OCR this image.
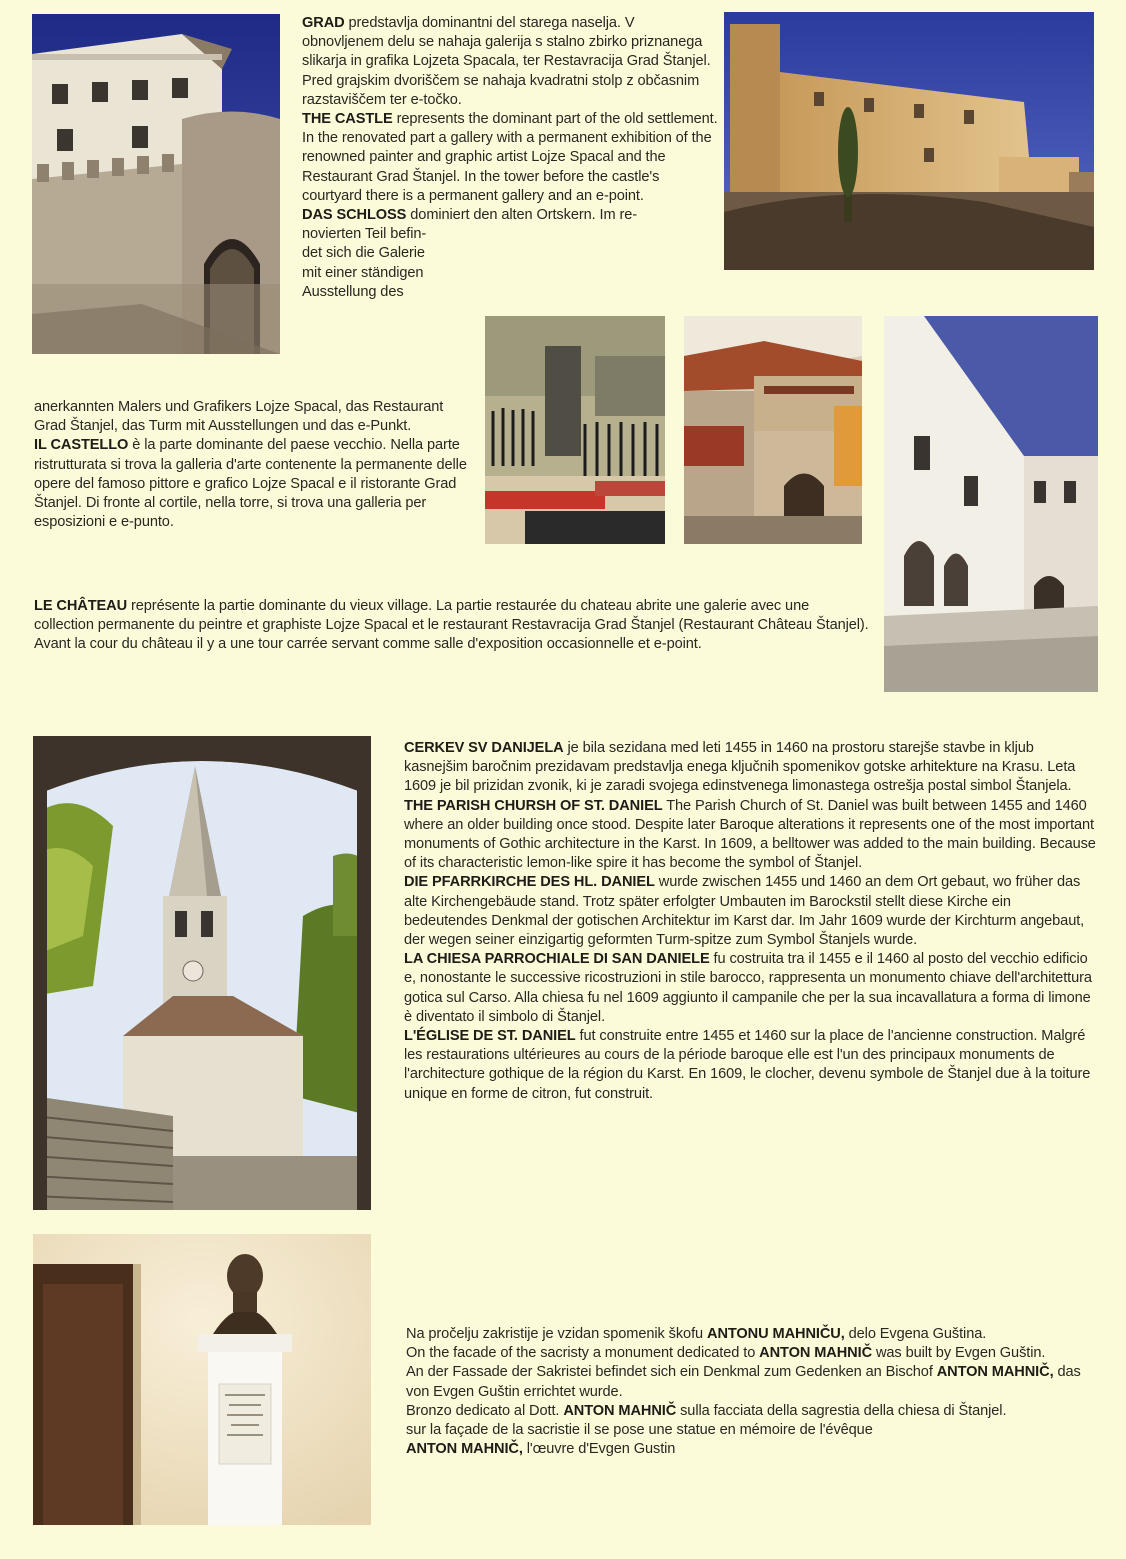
GRAD predstavlja dominantni del starega naselja. V obnovljenem delu se nahaja galerija s stalno zbirko priznanega slikarja in grafika Lojzeta Spacala, ter Restavracija Grad Štanjel. Pred grajskim dvoriščem se nahaja kvadratni stolp z občasnim razstaviščem ter e-točko.

THE CASTLE represents the dominant part of the old settlement. In the renovated part a gallery with a permanent exhibition of the renowned painter and graphic artist Lojze Spacal and the Restaurant Grad Štanjel. In the tower before the castle's courtyard there is a permanent gallery and an e-point.

DAS SCHLOSS dominiert den alten Ortskern. Im re-

novierten Teil befin-
det sich die Galerie
mit einer ständigen
Ausstellung des

anerkannten Malers und Grafikers Lojze Spacal, das Restaurant Grad Štanjel, das Turm mit Ausstellungen und das e-Punkt.

IL CASTELLO è la parte dominante del paese vecchio. Nella parte ristrutturata si trova la galleria d'arte contenente la permanente delle opere del famoso pittore e grafico Lojze Spacal e il ristorante Grad Štanjel. Di fronte al cortile, nella torre, si trova una galleria per esposizioni e e-punto.

LE CHÂTEAU représente la partie dominante du vieux village. La partie restaurée du chateau abrite une galerie avec une collection permanente du peintre et graphiste Lojze Spacal et le restaurant Restavracija Grad Štanjel (Restaurant Château Štanjel). Avant la cour du château il y a une tour carrée servant comme salle d'exposition occasionnelle et e-point.

CERKEV SV DANIJELA je bila sezidana med leti 1455 in 1460 na prostoru starejše stavbe in kljub kasnejšim baročnim prezidavam predstavlja enega ključnih spomenikov gotske arhitekture na Krasu. Leta 1609 je bil prizidan zvonik, ki je zaradi svojega edinstvenega limonastega ostrešja postal simbol Štanjela.

THE PARISH CHURSH OF ST. DANIEL The Parish Church of St. Daniel was built between 1455 and 1460 where an older building once stood. Despite later Baroque alterations it represents one of the most important monuments of Gothic architecture in the Karst. In 1609, a belltower was added to the main building. Because of its characteristic lemon-like spire it has become the symbol of Štanjel.

DIE PFARRKIRCHE DES HL. DANIEL wurde zwischen 1455 und 1460 an dem Ort gebaut, wo früher das alte Kirchengebäude stand. Trotz später erfolgter Umbauten im Barockstil stellt diese Kirche ein bedeutendes Denkmal der gotischen Architektur im Karst dar. Im Jahr 1609 wurde der Kirchturm angebaut, der wegen seiner einzigartig geformten Turm-spitze zum Symbol Štanjels wurde.

LA CHIESA PARROCHIALE DI SAN DANIELE fu costruita tra il 1455 e il 1460 al posto del vecchio edificio e, nonostante le successive ricostruzioni in stile barocco, rappresenta un monumento chiave dell'architettura gotica sul Carso. Alla chiesa fu nel 1609 aggiunto il campanile che per la sua incavallatura a forma di limone è diventato il simbolo di Štanjel.

L'ÉGLISE DE ST. DANIEL fut construite entre 1455 et 1460 sur la place de l'ancienne construction. Malgré les restaurations ultérieures au cours de la période baroque elle est l'un des principaux monuments de l'architecture gothique de la région du Karst. En 1609, le clocher, devenu symbole de Štanjel due à la toiture unique en forme de citron, fut construit.

Na pročelju zakristije je vzidan spomenik škofu ANTONU MAHNIČU, delo Evgena Guština.

On the facade of the sacristy a monument dedicated to ANTON MAHNIČ was built by Evgen Guštin.

An der Fassade der Sakristei befindet sich ein Denkmal zum Gedenken an Bischof ANTON MAHNIČ, das von Evgen Guštin errichtet wurde.

Bronzo dedicato al Dott. ANTON MAHNIČ sulla facciata della sagrestia della chiesa di Štanjel.

sur la façade de la sacristie il se pose une statue en mémoire de l'évêque
ANTON MAHNIČ, l'œuvre d'Evgen Gustin
